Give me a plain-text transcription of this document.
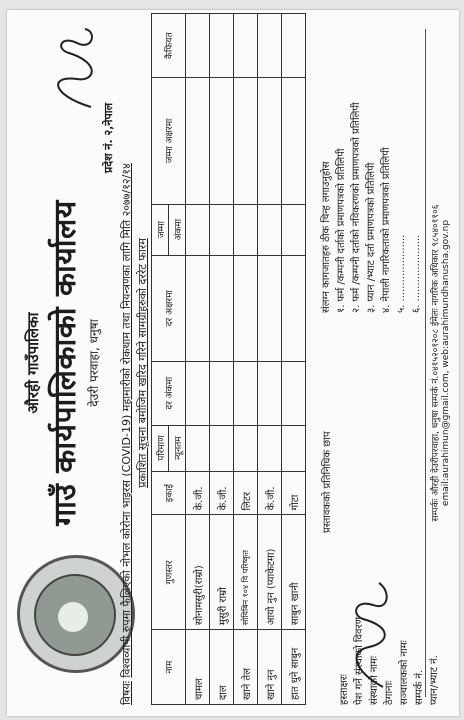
औरही गाउँपालिका गाउँ कार्यपालिकाको कार्यालय देउरी परवाहा, धनुषा
प्रदेश नं. २,नेपाल
विषयः विश्वव्यापी रुपमा फैलिएको नोभल कोरोना भाइरस (COVID-19) महामारीको रोकथाम तथा नियन्त्रणका लागि मिति २०७७/१२/१४ प्रकाशित सूचना बमोजिम खरिद गरिने सामग्रीहरुको दररेट फारम
नाम	गुणस्तर	इकाई	परिमाण	दर अंकमा	दर अक्षरमा	जम्मा	जम्मा अक्षरमा	कैफियत
			न्यूनतम			अंकमा		
चामल	सोनामसुरी(राम्रो)	के.जी.						
दाल	मुसुरी राम्रो	के.जी.						
खाने तेल	सोयिबिन १०४ वि परिष्कृत	लिटर						
खाने नुन	आयो नुन (प्याकेटमा)	के.जी.						
हात धुने साबुन	साबुन खानी	गोटा							प्रस्तावकको प्रतिनिधिक छाप
हस्ताक्षरः पेश गर्ने संस्थाको विवरण संस्थाको नामः ठेगानाः सञ्चालकको नामः सम्पर्क नं. प्यान/भ्याट नं.
संलग्न कागजातहरु ठीक चिन्ह लगाउनुहोस १. फर्म /कम्पनी दर्ताको प्रमाणपत्रको प्रतिलिपी २. फर्म /कम्पनी दर्ताको नविकरणको प्रमाणपत्रको प्रतिलिपी ३. प्यान /भ्याट दर्ता प्रमाणपत्रको प्रतिलिपी ४. नेपाली नागरिकताको प्रमाणपत्रको प्रतिलिपी ५. ..................... ६. .....................	सम्पर्कः औरही देउरीपरवाहा, धनुषा सम्पर्क नं.०४१५२०१२०८ ईमेलः नागरिक अधिकार ९८५४०११०६ email:aurahimun@gmail.com, web:aurahimundhanusha.gov.np
